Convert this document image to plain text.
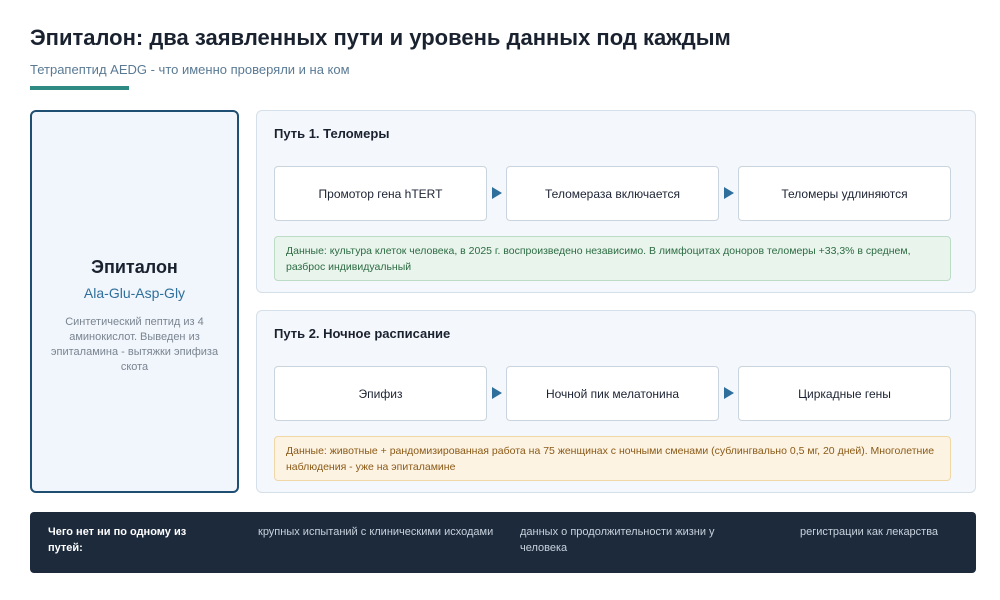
Эпиталон: два заявленных пути и уровень данных под каждым
Тетрапептид AEDG - что именно проверяли и на ком
Эпиталон
Ala-Glu-Asp-Gly
Синтетический пептид из 4 аминокислот. Выведен из эпиталамина - вытяжки эпифиза скота
Путь 1. Теломеры
Промотор гена hTERT	Теломераза включается	Теломеры удлиняются
Данные: культура клеток человека, в 2025 г. воспроизведено независимо. В лимфоцитах доноров теломеры +33,3% в среднем, разброс индивидуальный
Путь 2. Ночное расписание
Эпифиз	Ночной пик мелатонина	Циркадные гены
Данные: животные + рандомизированная работа на 75 женщинах с ночными сменами (сублингвально 0,5 мг, 20 дней). Многолетние наблюдения - уже на эпиталамине
Чего нет ни по одному из путей:
крупных испытаний с клиническими исходами	данных о продолжительности жизни у человека
регистрации как лекарства
